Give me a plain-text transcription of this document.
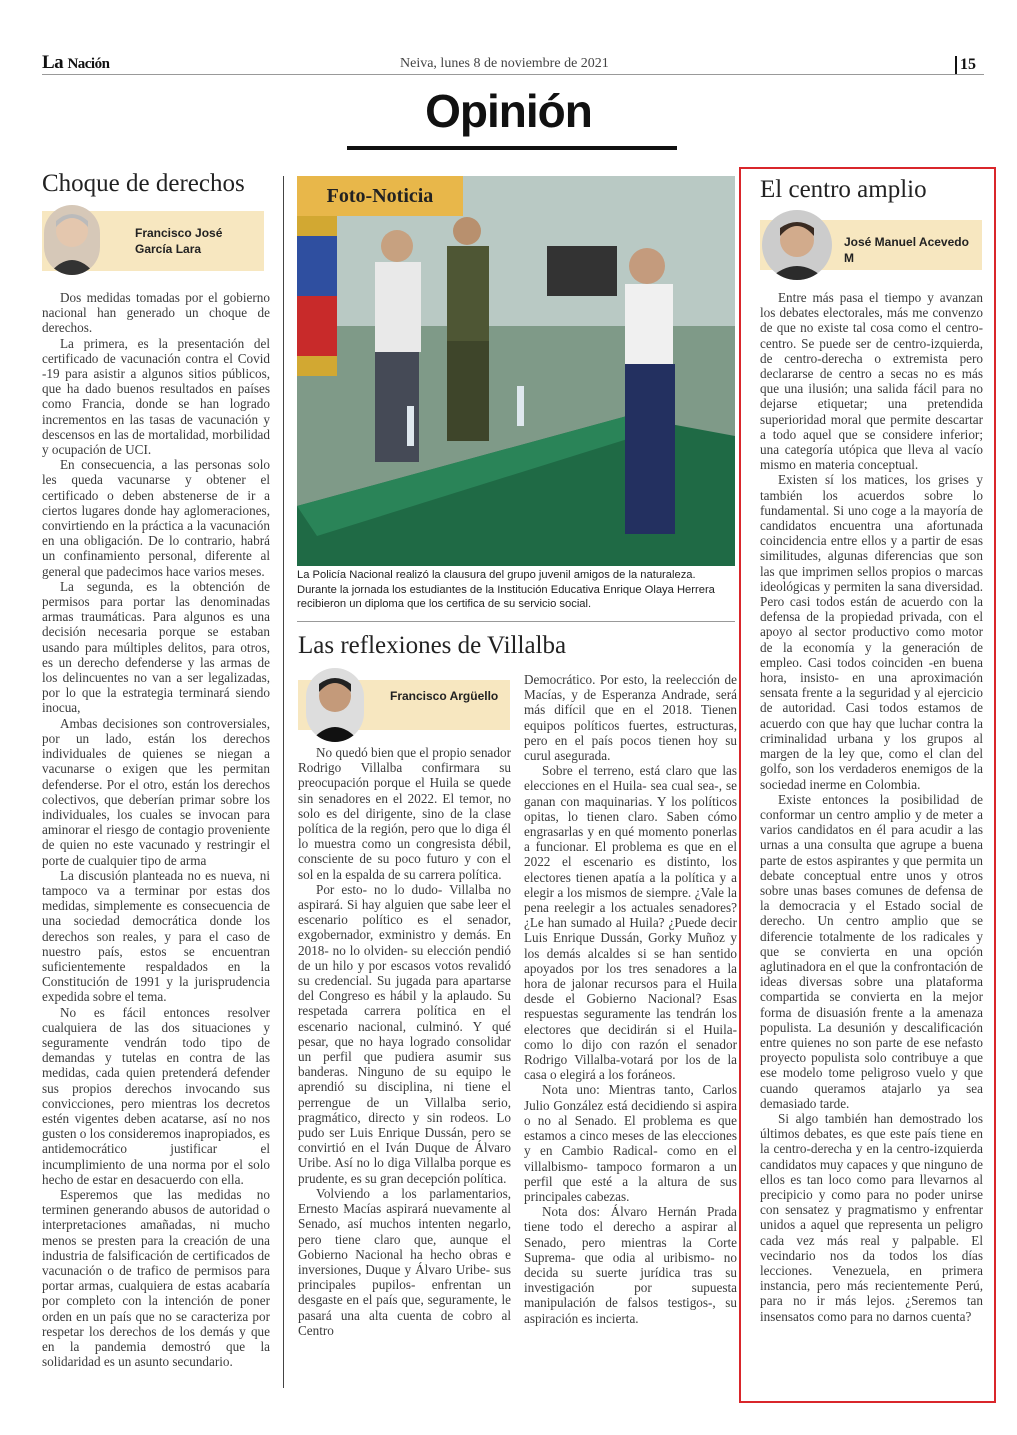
La Nación	Neiva, lunes 8 de noviembre de 2021	15
Opinión
Choque de derechos
Francisco José García Lara

Dos medidas tomadas por el gobierno nacional han generado un choque de derechos.

La primera, es la presentación del certificado de vacunación contra el Covid -19 para asistir a algunos sitios públicos, que ha dado buenos resultados en países como Francia, donde se han logrado incrementos en las tasas de vacunación y descensos en las de mortalidad, morbilidad y ocupación de UCI.

En consecuencia, a las personas solo les queda vacunarse y obtener el certificado o deben abstenerse de ir a ciertos lugares donde hay aglomeraciones, convirtiendo en la práctica a la vacunación en una obligación. De lo contrario, habrá un confinamiento personal, diferente al general que padecimos hace varios meses.

La segunda, es la obtención de permisos para portar las denominadas armas traumáticas. Para algunos es una decisión necesaria porque se estaban usando para múltiples delitos, para otros, es un derecho defenderse y las armas de los delincuentes no van a ser legalizadas, por lo que la estrategia terminará siendo inocua,

Ambas decisiones son controversiales, por un lado, están los derechos individuales de quienes se niegan a vacunarse o exigen que les permitan defenderse. Por el otro, están los derechos colectivos, que deberían primar sobre los individuales, los cuales se invocan para aminorar el riesgo de contagio proveniente de quien no este vacunado y restringir el porte de cualquier tipo de arma

La discusión planteada no es nueva, ni tampoco va a terminar por estas dos medidas, simplemente es consecuencia de una sociedad democrática donde los derechos son reales, y para el caso de nuestro país, estos se encuentran suficientemente respaldados en la Constitución de 1991 y la jurisprudencia expedida sobre el tema.

No es fácil entonces resolver cualquiera de las dos situaciones y seguramente vendrán todo tipo de demandas y tutelas en contra de las medidas, cada quien pretenderá defender sus propios derechos invocando sus convicciones, pero mientras los decretos estén vigentes deben acatarse, así no nos gusten o los consideremos inapropiados, es antidemocrático justificar el incumplimiento de una norma por el solo hecho de estar en desacuerdo con ella.

Esperemos que las medidas no terminen generando abusos de autoridad o interpretaciones amañadas, ni mucho menos se presten para la creación de una industria de falsificación de certificados de vacunación o de trafico de permisos para portar armas, cualquiera de estas acabaría por completo con la intención de poner orden en un país que no se caracteriza por respetar los derechos de los demás y que en la pandemia demostró que la solidaridad es un asunto secundario.

Foto-Noticia
La Policía Nacional realizó la clausura del grupo juvenil amigos de la naturaleza. Durante la jornada los estudiantes de la Institución Educativa Enrique Olaya Herrera recibieron un diploma que los certifica de su servicio social.
Las reflexiones de Villalba
Francisco Argüello

No quedó bien que el propio senador Rodrigo Villalba confirmara su preocupación porque el Huila se quede sin senadores en el 2022. El temor, no solo es del dirigente, sino de la clase política de la región, pero que lo diga él lo muestra como un congresista débil, consciente de su poco futuro y con el sol en la espalda de su carrera política.

Por esto- no lo dudo- Villalba no aspirará. Si hay alguien que sabe leer el escenario político es el senador, exgobernador, exministro y demás. En 2018- no lo olviden- su elección pendió de un hilo y por escasos votos revalidó su credencial. Su jugada para apartarse del Congreso es hábil y la aplaudo. Su respetada carrera política en el escenario nacional, culminó. Y qué pesar, que no haya logrado consolidar un perfil que pudiera asumir sus banderas. Ninguno de su equipo le aprendió su disciplina, ni tiene el perrengue de un Villalba serio, pragmático, directo y sin rodeos. Lo pudo ser Luis Enrique Dussán, pero se convirtió en el Iván Duque de Álvaro Uribe. Así no lo diga Villalba porque es prudente, es su gran decepción política.

Volviendo a los parlamentarios, Ernesto Macías aspirará nuevamente al Senado, así muchos intenten negarlo, pero tiene claro que, aunque el Gobierno Nacional ha hecho obras e inversiones, Duque y Álvaro Uribe- sus principales pupilos- enfrentan un desgaste en el país que, seguramente, le pasará una alta cuenta de cobro al Centro

Democrático. Por esto, la reelección de Macías, y de Esperanza Andrade, será más difícil que en el 2018. Tienen equipos políticos fuertes, estructuras, pero en el país pocos tienen hoy su curul asegurada.

Sobre el terreno, está claro que las elecciones en el Huila- sea cual sea-, se ganan con maquinarias. Y los políticos opitas, lo tienen claro. Saben cómo engrasarlas y en qué momento ponerlas a funcionar. El problema es que en el 2022 el escenario es distinto, los electores tienen apatía a la política y a elegir a los mismos de siempre. ¿Vale la pena reelegir a los actuales senadores? ¿Le han sumado al Huila? ¿Puede decir Luis Enrique Dussán, Gorky Muñoz y los demás alcaldes si se han sentido apoyados por los tres senadores a la hora de jalonar recursos para el Huila desde el Gobierno Nacional? Esas respuestas seguramente las tendrán los electores que decidirán si el Huila- como lo dijo con razón el senador Rodrigo Villalba-votará por los de la casa o elegirá a los foráneos.

Nota uno: Mientras tanto, Carlos Julio González está decidiendo si aspira o no al Senado. El problema es que estamos a cinco meses de las elecciones y en Cambio Radical- como en el villalbismo- tampoco formaron a un perfil que esté a la altura de sus principales cabezas.

Nota dos: Álvaro Hernán Prada tiene todo el derecho a aspirar al Senado, pero mientras la Corte Suprema- que odia al uribismo- no decida su suerte jurídica tras su investigación por supuesta manipulación de falsos testigos-, su aspiración es incierta.

El centro amplio
José Manuel Acevedo M

Entre más pasa el tiempo y avanzan los debates electorales, más me convenzo de que no existe tal cosa como el centro-centro. Se puede ser de centro-izquierda, de centro-derecha o extremista pero declararse de centro a secas no es más que una ilusión; una salida fácil para no dejarse etiquetar; una pretendida superioridad moral que permite descartar a todo aquel que se considere inferior; una categoría utópica que lleva al vacío mismo en materia conceptual.

Existen sí los matices, los grises y también los acuerdos sobre lo fundamental. Si uno coge a la mayoría de candidatos encuentra una afortunada coincidencia entre ellos y a partir de esas similitudes, algunas diferencias que son las que imprimen sellos propios o marcas ideológicas y permiten la sana diversidad. Pero casi todos están de acuerdo con la defensa de la propiedad privada, con el apoyo al sector productivo como motor de la economía y la generación de empleo. Casi todos coinciden -en buena hora, insisto- en una aproximación sensata frente a la seguridad y al ejercicio de autoridad. Casi todos estamos de acuerdo con que hay que luchar contra la criminalidad urbana y los grupos al margen de la ley que, como el clan del golfo, son los verdaderos enemigos de la sociedad inerme en Colombia.

Existe entonces la posibilidad de conformar un centro amplio y de meter a varios candidatos en él para acudir a las urnas a una consulta que agrupe a buena parte de estos aspirantes y que permita un debate conceptual entre unos y otros sobre unas bases comunes de defensa de la democracia y el Estado social de derecho. Un centro amplio que se diferencie totalmente de los radicales y que se convierta en una opción aglutinadora en el que la confrontación de ideas diversas sobre una plataforma compartida se convierta en la mejor forma de disuasión frente a la amenaza populista. La desunión y descalificación entre quienes no son parte de ese nefasto proyecto populista solo contribuye a que ese modelo tome peligroso vuelo y que cuando queramos atajarlo ya sea demasiado tarde.

Si algo también han demostrado los últimos debates, es que este país tiene en la centro-derecha y en la centro-izquierda candidatos muy capaces y que ninguno de ellos es tan loco como para llevarnos al precipicio y como para no poder unirse con sensatez y pragmatismo y enfrentar unidos a aquel que representa un peligro cada vez más real y palpable. El vecindario nos da todos los días lecciones. Venezuela, en primera instancia, pero más recientemente Perú, para no ir más lejos. ¿Seremos tan insensatos como para no darnos cuenta?
